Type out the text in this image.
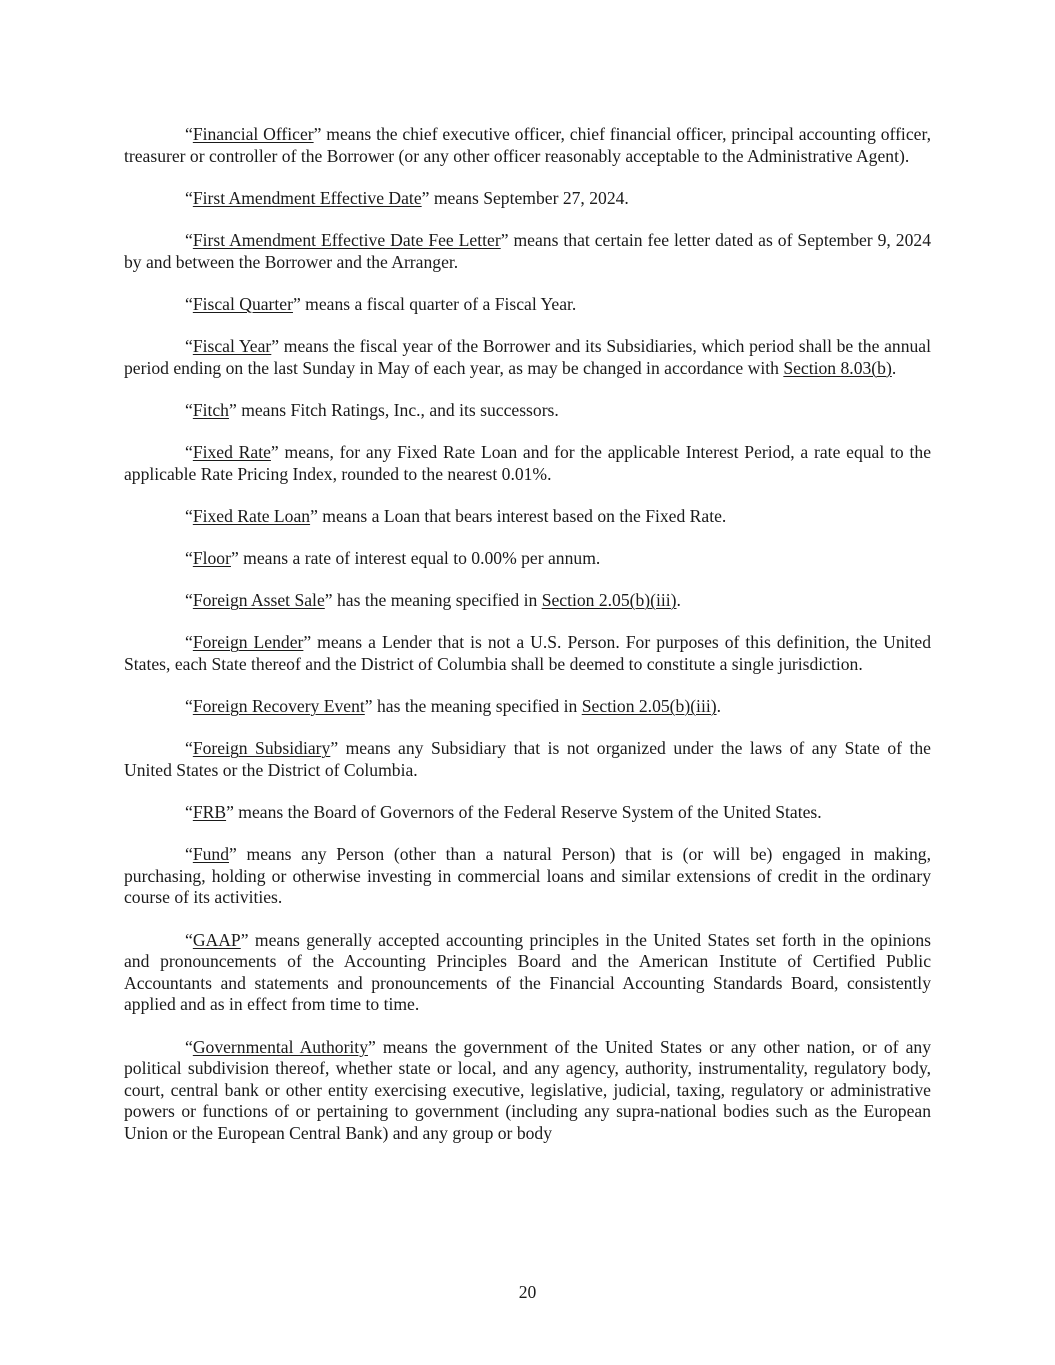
“Financial Officer” means the chief executive officer, chief financial officer, principal accounting officer, treasurer or controller of the Borrower (or any other officer reasonably acceptable to the Administrative Agent).

“First Amendment Effective Date” means September 27, 2024.

“First Amendment Effective Date Fee Letter” means that certain fee letter dated as of September 9, 2024 by and between the Borrower and the Arranger.

“Fiscal Quarter” means a fiscal quarter of a Fiscal Year.

“Fiscal Year” means the fiscal year of the Borrower and its Subsidiaries, which period shall be the annual period ending on the last Sunday in May of each year, as may be changed in accordance with Section 8.03(b).

“Fitch” means Fitch Ratings, Inc., and its successors.

“Fixed Rate” means, for any Fixed Rate Loan and for the applicable Interest Period, a rate equal to the applicable Rate Pricing Index, rounded to the nearest 0.01%.

“Fixed Rate Loan” means a Loan that bears interest based on the Fixed Rate.

“Floor” means a rate of interest equal to 0.00% per annum.

“Foreign Asset Sale” has the meaning specified in Section 2.05(b)(iii).

“Foreign Lender” means a Lender that is not a U.S. Person. For purposes of this definition, the United States, each State thereof and the District of Columbia shall be deemed to constitute a single jurisdiction.

“Foreign Recovery Event” has the meaning specified in Section 2.05(b)(iii).

“Foreign Subsidiary” means any Subsidiary that is not organized under the laws of any State of the United States or the District of Columbia.

“FRB” means the Board of Governors of the Federal Reserve System of the United States.

“Fund” means any Person (other than a natural Person) that is (or will be) engaged in making, purchasing, holding or otherwise investing in commercial loans and similar extensions of credit in the ordinary course of its activities.

“GAAP” means generally accepted accounting principles in the United States set forth in the opinions and pronouncements of the Accounting Principles Board and the American Institute of Certified Public Accountants and statements and pronouncements of the Financial Accounting Standards Board, consistently applied and as in effect from time to time.

“Governmental Authority” means the government of the United States or any other nation, or of any political subdivision thereof, whether state or local, and any agency, authority, instrumentality, regulatory body, court, central bank or other entity exercising executive, legislative, judicial, taxing, regulatory or administrative powers or functions of or pertaining to government (including any supra-national bodies such as the European Union or the European Central Bank) and any group or body

20
